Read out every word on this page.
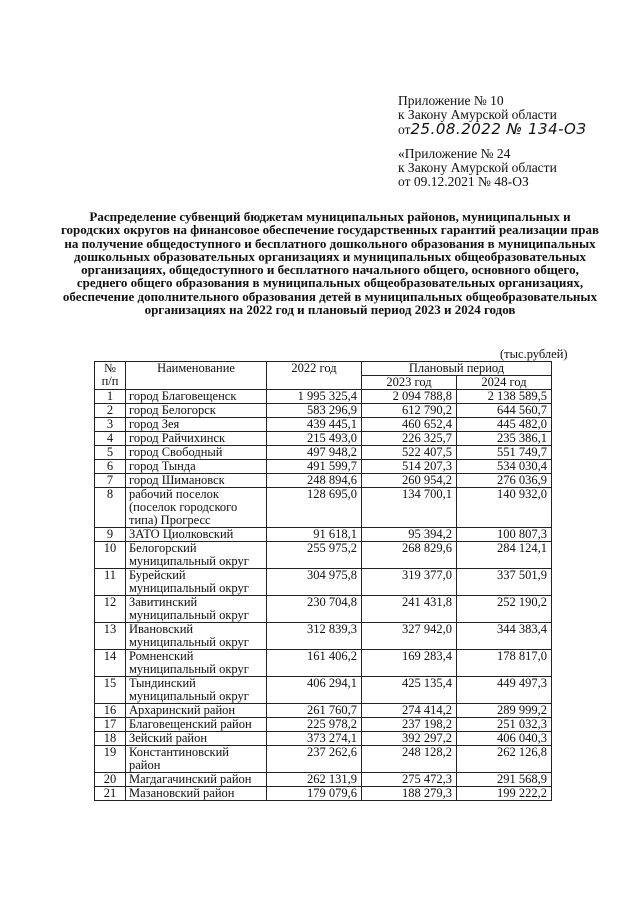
Приложение № 10
к Закону Амурской области
от25.08.2022 № 134-ОЗ
«Приложение № 24
к Закону Амурской области
от 09.12.2021 № 48-ОЗ
Распределение субвенций бюджетам муниципальных районов, муниципальных и городских округов на финансовое обеспечение государственных гарантий реализации прав на получение общедоступного и бесплатного дошкольного образования в муниципальных дошкольных образовательных организациях и муниципальных общеобразовательных организациях, общедоступного и бесплатного начального общего, основного общего, среднего общего образования в муниципальных общеобразовательных организациях, обеспечение дополнительного образования детей в муниципальных общеобразовательных организациях на 2022 год и плановый период 2023 и 2024 годов
(тыс.рублей)
№ п/п	Наименование	2022 год	Плановый период	
			2023 год	2024 год
1	город Благовещенск	1 995 325,4	2 094 788,8	2 138 589,5
2	город Белогорск	583 296,9	612 790,2	644 560,7
3	город Зея	439 445,1	460 652,4	445 482,0
4	город Райчихинск	215 493,0	226 325,7	235 386,1
5	город Свободный	497 948,2	522 407,5	551 749,7
6	город Тында	491 599,7	514 207,3	534 030,4
7	город Шимановск	248 894,6	260 954,2	276 036,9
8	рабочий поселок (поселок городского типа) Прогресс	128 695,0	134 700,1	140 932,0
9	ЗАТО Циолковский	91 618,1	95 394,2	100 807,3
10	Белогорский муниципальный округ	255 975,2	268 829,6	284 124,1
11	Бурейский муниципальный округ	304 975,8	319 377,0	337 501,9
12	Завитинский муниципальный округ	230 704,8	241 431,8	252 190,2
13	Ивановский муниципальный округ	312 839,3	327 942,0	344 383,4
14	Ромненский муниципальный округ	161 406,2	169 283,4	178 817,0
15	Тындинский муниципальный округ	406 294,1	425 135,4	449 497,3
16	Архаринский район	261 760,7	274 414,2	289 999,2
17	Благовещенский район	225 978,2	237 198,2	251 032,3
18	Зейский район	373 274,1	392 297,2	406 040,3
19	Константиновский район	237 262,6	248 128,2	262 126,8
20	Магдагачинский район	262 131,9	275 472,3	291 568,9
21	Мазановский район	179 079,6	188 279,3	199 222,2
